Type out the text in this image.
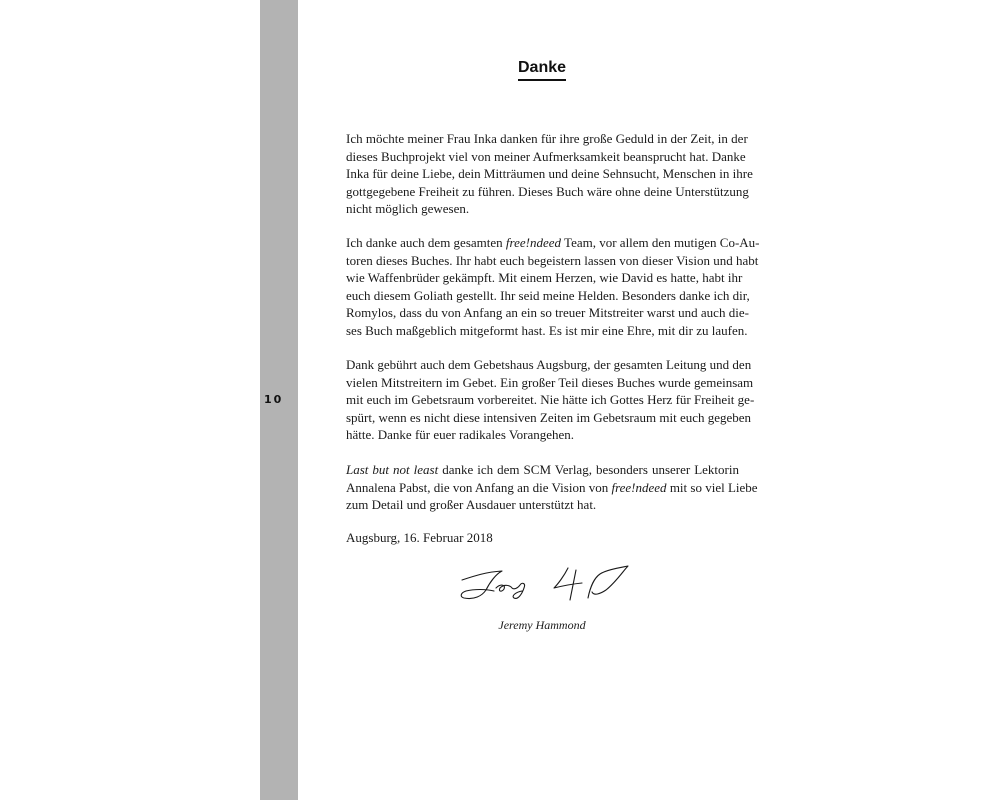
10
Danke
Ich möchte meiner Frau Inka danken für ihre große Geduld in der Zeit, in der
dieses Buchprojekt viel von meiner Aufmerksamkeit beansprucht hat. Danke
Inka für deine Liebe, dein Mitträumen und deine Sehnsucht, Menschen in ihre
gottgegebene Freiheit zu führen. Dieses Buch wäre ohne deine Unterstützung
nicht möglich gewesen.
Ich danke auch dem gesamten free!ndeed Team, vor allem den mutigen Co-Au-
toren dieses Buches. Ihr habt euch begeistern lassen von dieser Vision und habt
wie Waffenbrüder gekämpft. Mit einem Herzen, wie David es hatte, habt ihr
euch diesem Goliath gestellt. Ihr seid meine Helden. Besonders danke ich dir,
Romylos, dass du von Anfang an ein so treuer Mitstreiter warst und auch die-
ses Buch maßgeblich mitgeformt hast. Es ist mir eine Ehre, mit dir zu laufen.
Dank gebührt auch dem Gebetshaus Augsburg, der gesamten Leitung und den
vielen Mitstreitern im Gebet. Ein großer Teil dieses Buches wurde gemeinsam
mit euch im Gebetsraum vorbereitet. Nie hätte ich Gottes Herz für Freiheit ge-
spürt, wenn es nicht diese intensiven Zeiten im Gebetsraum mit euch gegeben
hätte. Danke für euer radikales Vorangehen.
Last but not least danke ich dem SCM Verlag, besonders unserer Lektorin
Annalena Pabst, die von Anfang an die Vision von free!ndeed mit so viel Liebe
zum Detail und großer Ausdauer unterstützt hat.
Augsburg, 16. Februar 2018
Jeremy Hammond
